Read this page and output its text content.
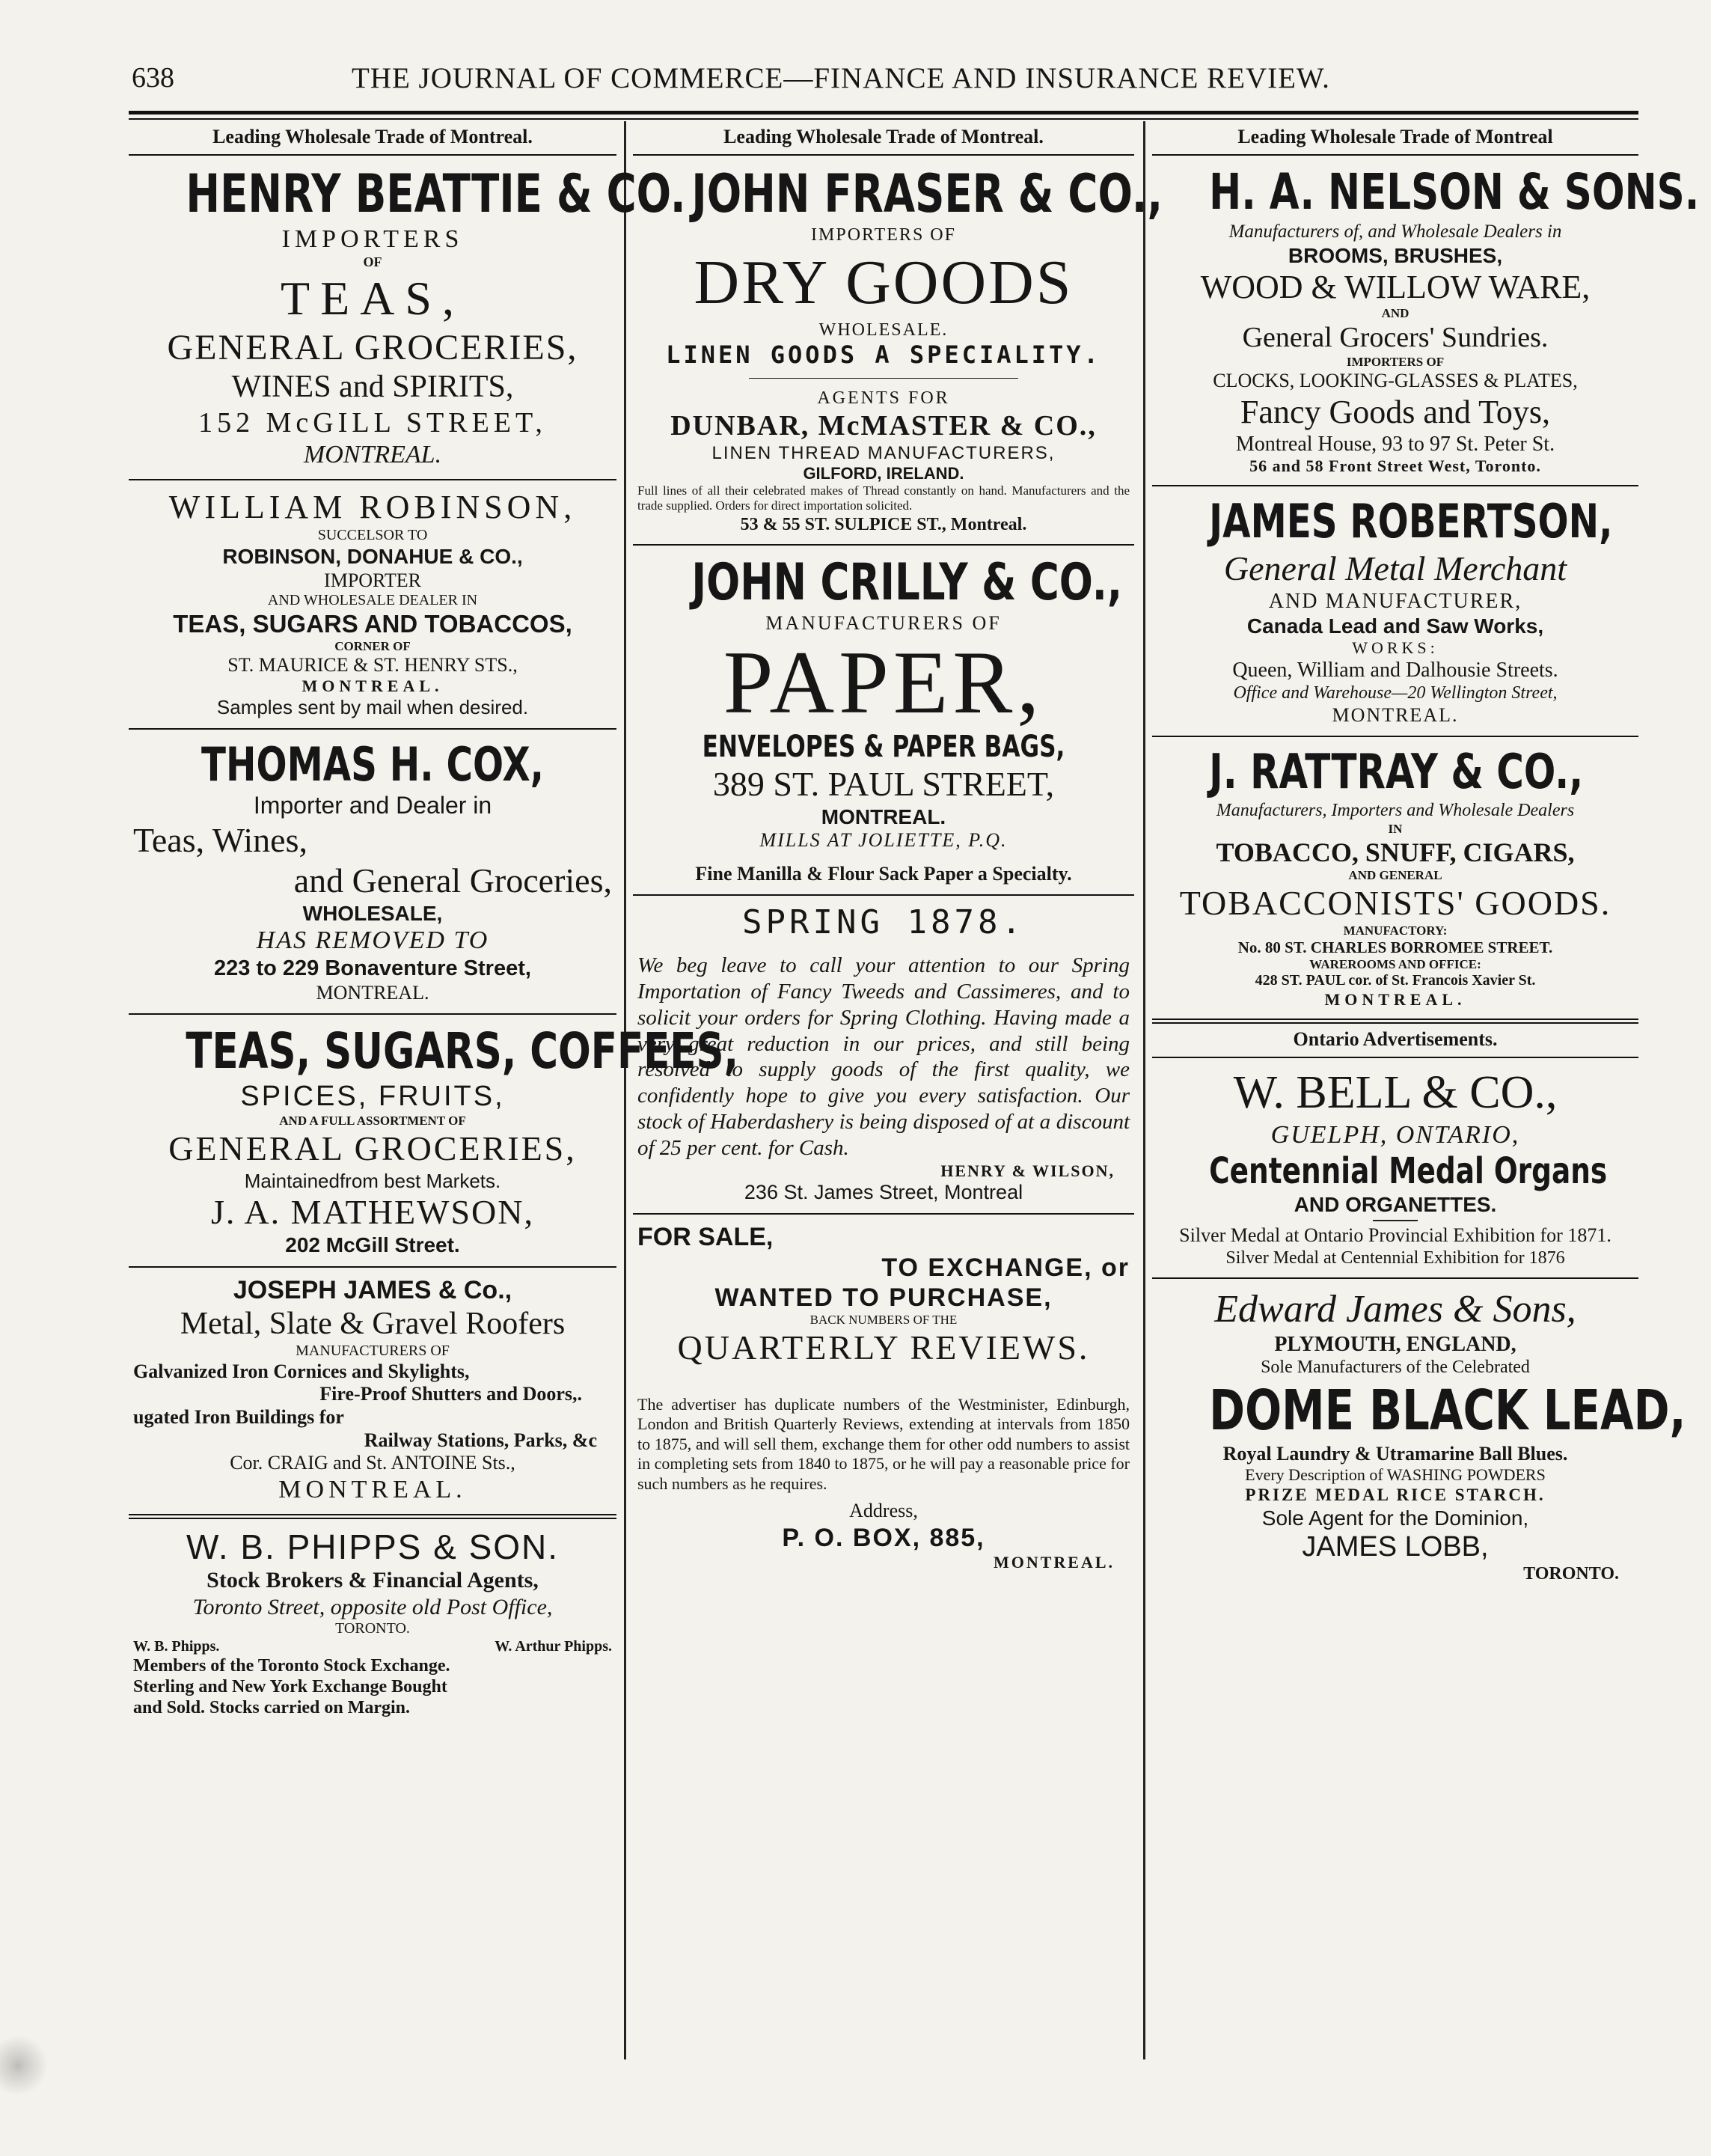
638	THE JOURNAL OF COMMERCE—FINANCE AND INSURANCE REVIEW.
Leading Wholesale Trade of Montreal.
HENRY BEATTIE & CO.
IMPORTERS
OF
TEAS,
GENERAL GROCERIES,
WINES and SPIRITS,
152 McGILL STREET,
MONTREAL.
WILLIAM ROBINSON,
SUCCELSOR TO
ROBINSON, DONAHUE & CO.,
IMPORTER
AND WHOLESALE DEALER IN
TEAS, SUGARS AND TOBACCOS,
CORNER OF
ST. MAURICE & ST. HENRY STS.,
MONTREAL.
Samples sent by mail when desired.
THOMAS H. COX,
Importer and Dealer in
Teas, Wines,
and General Groceries,
WHOLESALE,
HAS REMOVED TO
223 to 229 Bonaventure Street,
MONTREAL.
TEAS, SUGARS, COFFEES,
SPICES, FRUITS,
AND A FULL ASSORTMENT OF
GENERAL GROCERIES,
Maintainedfrom best Markets.
J. A. MATHEWSON,
202 McGill Street.
JOSEPH JAMES & Co.,
Metal, Slate & Gravel Roofers
MANUFACTURERS OF
Galvanized Iron Cornices and Skylights,
Fire-Proof Shutters and Doors,.
ugated Iron Buildings for
Railway Stations, Parks, &c
Cor. CRAIG and St. ANTOINE Sts.,
MONTREAL.
W. B. PHIPPS & SON.
Stock Brokers & Financial Agents,
Toronto Street, opposite old Post Office,
TORONTO.
W. B. Phipps.	W. Arthur Phipps.
Members of the Toronto Stock Exchange.
Sterling and New York Exchange Bought
and Sold. Stocks carried on Margin.
Leading Wholesale Trade of Montreal.
JOHN FRASER & CO.,
IMPORTERS OF
DRY GOODS
WHOLESALE.
LINEN GOODS A SPECIALITY.
AGENTS FOR
DUNBAR, McMASTER & CO.,
LINEN THREAD MANUFACTURERS,
GILFORD, IRELAND.
Full lines of all their celebrated makes of Thread constantly on hand. Manufacturers and the trade supplied. Orders for direct importation solicited.
53 & 55 ST. SULPICE ST., Montreal.
JOHN CRILLY & CO.,
MANUFACTURERS OF
PAPER,
ENVELOPES & PAPER BAGS,
389 ST. PAUL STREET,
MONTREAL.
MILLS AT JOLIETTE, P.Q.
Fine Manilla & Flour Sack Paper a Specialty.
SPRING 1878.
We beg leave to call your attention to our Spring Importation of Fancy Tweeds and Cassimeres, and to solicit your orders for Spring Clothing. Having made a very great reduction in our prices, and still being resolved to supply goods of the first quality, we confidently hope to give you every satisfaction. Our stock of Haberdashery is being disposed of at a discount of 25 per cent. for Cash.
HENRY & WILSON,
236 St. James Street, Montreal
FOR SALE,
TO EXCHANGE, or
WANTED TO PURCHASE,
BACK NUMBERS OF THE
QUARTERLY REVIEWS.
The advertiser has duplicate numbers of the Westminister, Edinburgh, London and British Quarterly Reviews, extending at intervals from 1850 to 1875, and will sell them, exchange them for other odd numbers to assist in completing sets from 1840 to 1875, or he will pay a reasonable price for such numbers as he requires.
Address,
P. O. BOX, 885,
MONTREAL.
Leading Wholesale Trade of Montreal
H. A. NELSON & SONS.
Manufacturers of, and Wholesale Dealers in
BROOMS, BRUSHES,
WOOD & WILLOW WARE,
AND
General Grocers' Sundries.
IMPORTERS OF
CLOCKS, LOOKING-GLASSES & PLATES,
Fancy Goods and Toys,
Montreal House, 93 to 97 St. Peter St.
56 and 58 Front Street West, Toronto.
JAMES ROBERTSON,
General Metal Merchant
AND MANUFACTURER,
Canada Lead and Saw Works,
WORKS:
Queen, William and Dalhousie Streets.
Office and Warehouse—20 Wellington Street,
MONTREAL.
J. RATTRAY & CO.,
Manufacturers, Importers and Wholesale Dealers
IN
TOBACCO, SNUFF, CIGARS,
AND GENERAL
TOBACCONISTS' GOODS.
MANUFACTORY:
No. 80 ST. CHARLES BORROMEE STREET.
WAREROOMS AND OFFICE:
428 ST. PAUL cor. of St. Francois Xavier St.
MONTREAL.
Ontario Advertisements.
W. BELL & CO.,
GUELPH, ONTARIO,
Centennial Medal Organs
AND ORGANETTES.
Silver Medal at Ontario Provincial Exhibition for 1871.
Silver Medal at Centennial Exhibition for 1876
Edward James & Sons,
PLYMOUTH, ENGLAND,
Sole Manufacturers of the Celebrated
DOME BLACK LEAD,
Royal Laundry & Utramarine Ball Blues.
Every Description of WASHING POWDERS
PRIZE MEDAL RICE STARCH.
Sole Agent for the Dominion,
JAMES LOBB,
TORONTO.
